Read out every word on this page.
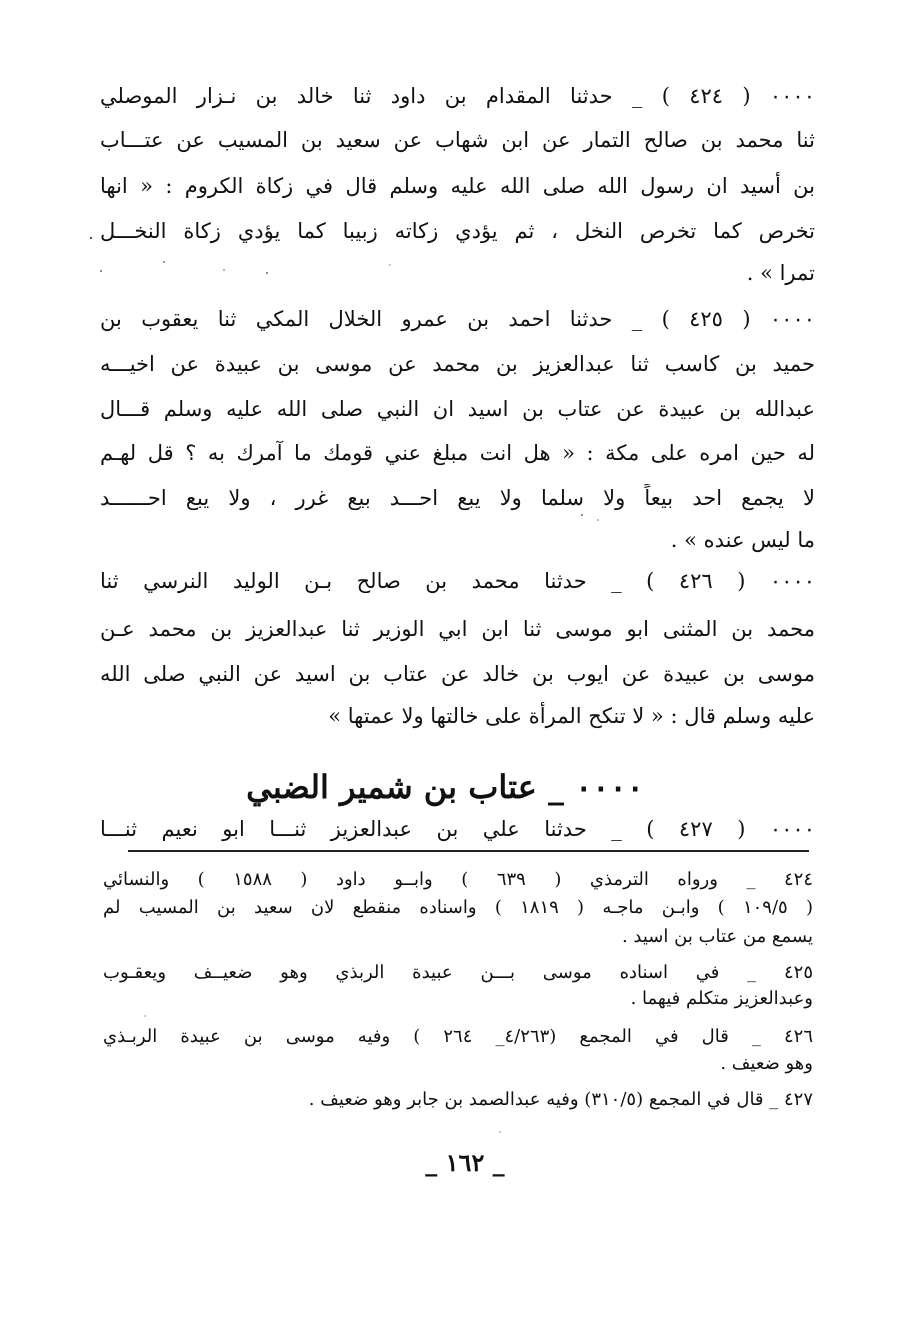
٠٠٠٠ ( ٤٢٤ ) _ حدثنا المقدام بن داود ثنا خالد بن نـزار الموصلي
ثنا محمد بن صالح التمار عن ابن شهاب عن سعيد بن المسيب عن عتـــاب
بن أسيد ان رسول الله صلى الله عليه وسلم قال في زكاة الكروم : « انها
تخرص كما تخرص النخل ، ثم يؤدي زكاته زبيبا كما يؤدي زكاة النخـــل
تمرا » .
٠٠٠٠ ( ٤٢٥ ) _ حدثنا احمد بن عمرو الخلال المكي ثنا يعقوب بن
حميد بن كاسب ثنا عبدالعزيز بن محمد عن موسى بن عبيدة عن اخيـــه
عبدالله بن عبيدة عن عتاب بن اسيد ان النبي صلى الله عليه وسلم قـــال
له حين امره على مكة : « هل انت مبلغ عني قومك ما آمرك به ؟ قل لهـم
لا يجمع احد بيعاً ولا سلما ولا يبع احـــد بيع غرر ، ولا يبع احــــــد
ما ليس عنده » .
٠٠٠٠ ( ٤٢٦ ) _ حدثنا محمد بن صالح بـن الوليد النرسي ثنا
محمد بن المثنى ابو موسى ثنا ابن ابي الوزير ثنا عبدالعزيز بن محمد عـن
موسى بن عبيدة عن ايوب بن خالد عن عتاب بن اسيد عن النبي صلى الله
عليه وسلم قال : « لا تنكح المرأة على خالتها ولا عمتها »
٠٠٠٠ _ عتاب بن شمير الضبي
٠٠٠٠ ( ٤٢٧ ) _ حدثنا علي بن عبدالعزيز ثنـــا ابو نعيم ثنـــا
٤٢٤ _ ورواه الترمذي ( ٦٣٩ ) وابــو داود ( ١٥٨٨ ) والنسائي
( ١٠٩/٥ ) وابـن ماجـه ( ١٨١٩ ) واسناده منقطع لان سعيد بن المسيب لم
يسمع من عتاب بن اسيد .
٤٢٥ _ في اسناده موسى بـــن عبيدة الربذي وهو ضعيــف ويعقـوب
وعبدالعزيز متكلم فيهما .
٤٢٦ _ قال في المجمع (٤/٢٦٣_ ٢٦٤ ) وفيه موسى بن عبيدة الربـذي
وهو ضعيف .
٤٢٧ _ قال في المجمع (٣١٠/٥) وفيه عبدالصمد بن جابر وهو ضعيف .
_ ١٦٢ _
